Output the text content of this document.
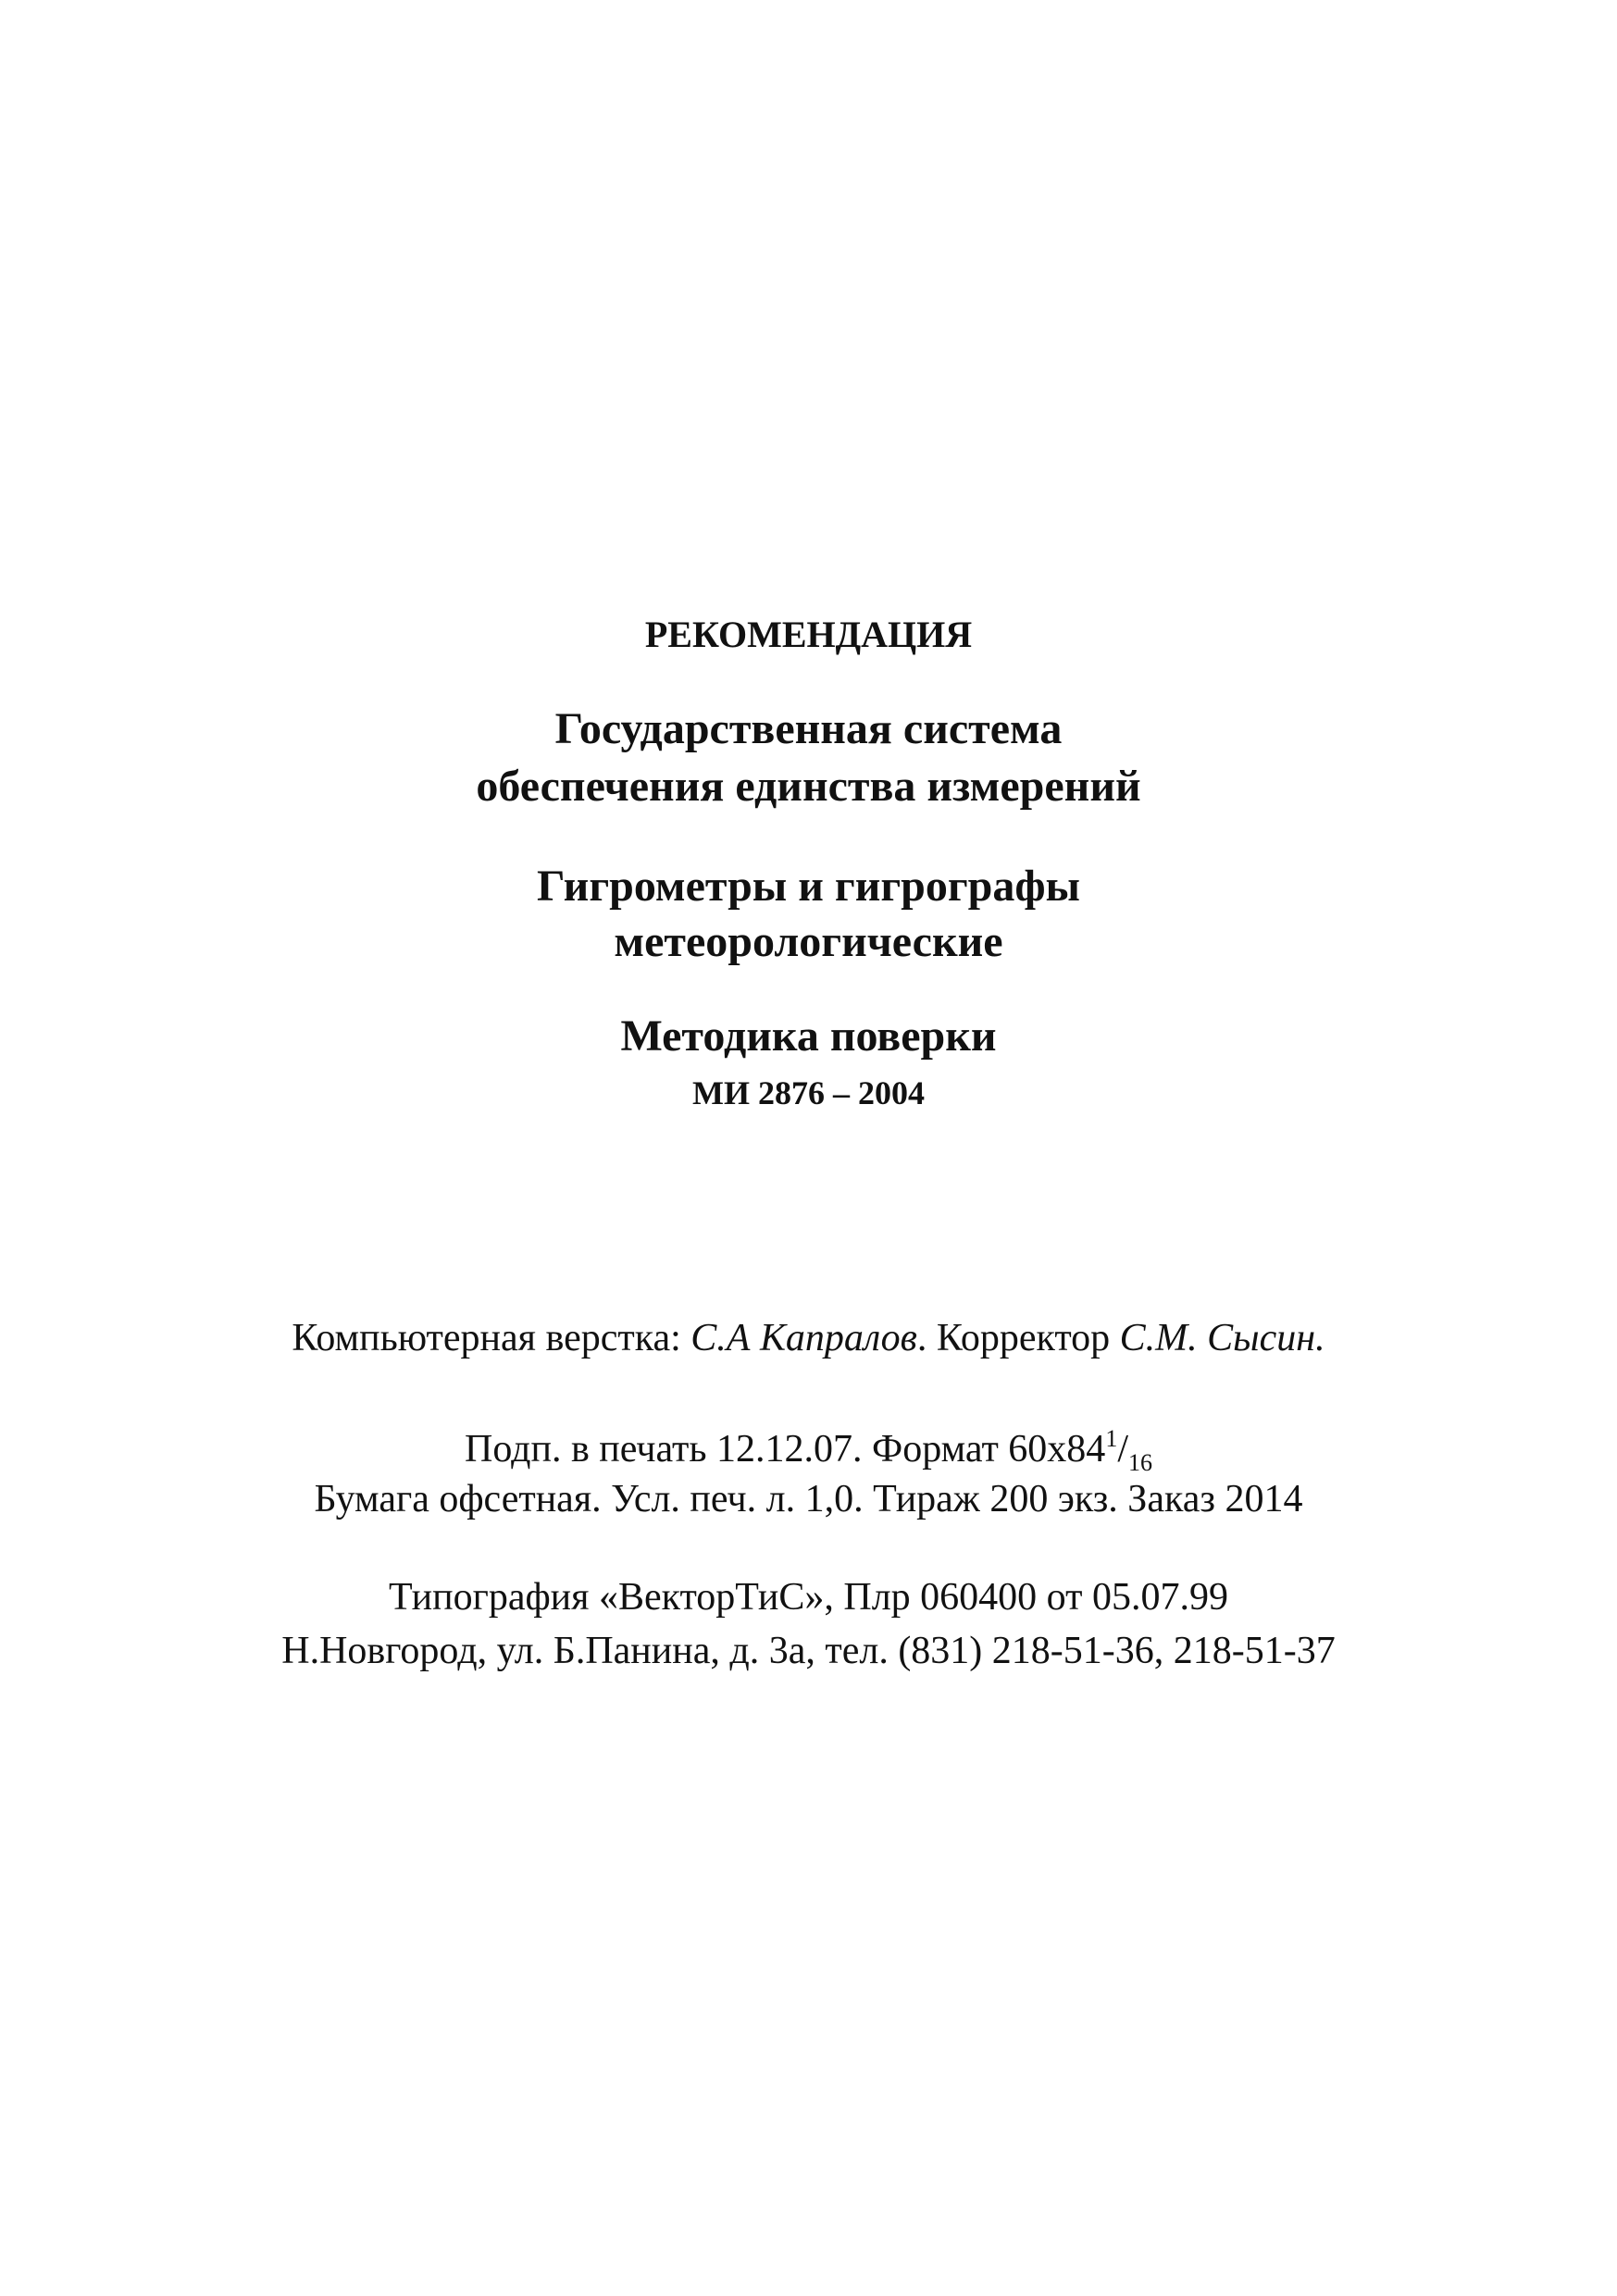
РЕКОМЕНДАЦИЯ
Государственная система
обеспечения единства измерений
Гигрометры и гигрографы
метеорологические
Методика поверки
МИ 2876 – 2004
Компьютерная верстка: С.А Капралов. Корректор С.М. Сысин.
Подп. в печать 12.12.07. Формат $60x84^1/_{16}$
Бумага офсетная. Усл. печ. л. 1,0. Тираж 200 экз. Заказ 2014
Типография «ВекторТиС», Плр 060400 от 05.07.99
Н.Новгород, ул. Б.Панина, д. 3а, тел. (831) 218-51-36, 218-51-37
